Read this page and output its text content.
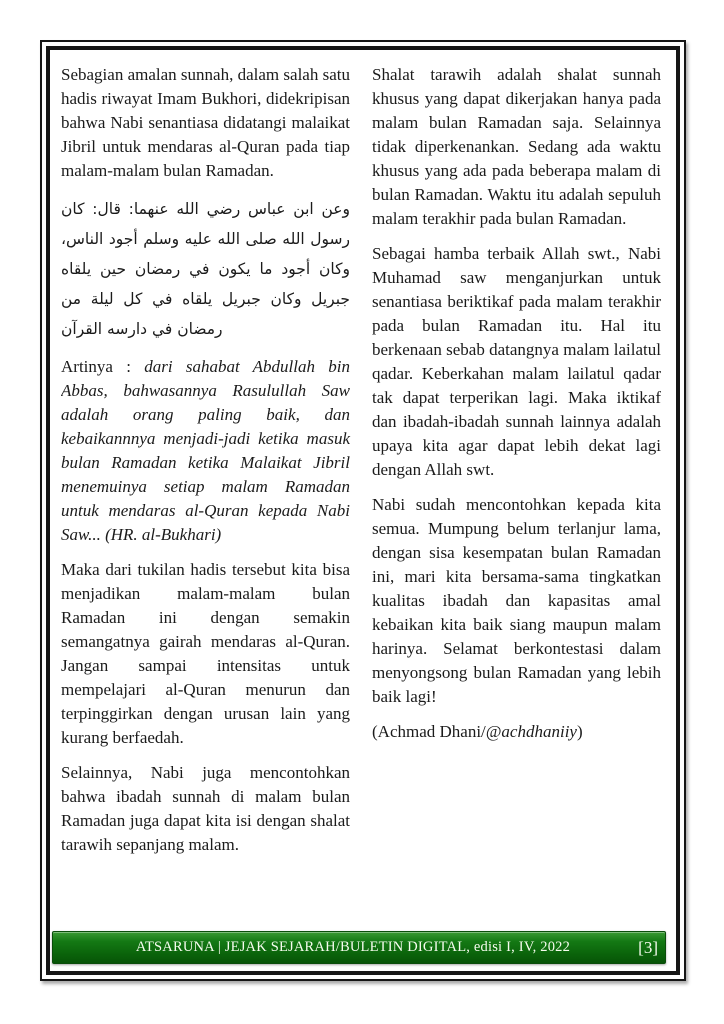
Sebagian amalan sunnah, dalam salah satu hadis riwayat Imam Bukhori, didekripisan bahwa Nabi senantiasa didatangi malaikat Jibril untuk mendaras al-Quran pada tiap malam-malam bulan Ramadan.

وعن ابن عباس رضي الله عنهما: قال: كان رسول الله صلى الله عليه وسلم أجود الناس، وكان أجود ما يكون في رمضان حين يلقاه جبريل وكان جبريل يلقاه في كل ليلة من رمضان في دارسه القرآن

Artinya : dari sahabat Abdullah bin Abbas, bahwasannya Rasulullah Saw adalah orang paling baik, dan kebaikannnya menjadi-jadi ketika masuk bulan Ramadan ketika Malaikat Jibril menemuinya setiap malam Ramadan untuk mendaras al-Quran kepada Nabi Saw... (HR. al-Bukhari)

Maka dari tukilan hadis tersebut kita bisa menjadikan malam-malam bulan Ramadan ini dengan semakin semangatnya gairah mendaras al-Quran. Jangan sampai intensitas untuk mempelajari al-Quran menurun dan terpinggirkan dengan urusan lain yang kurang berfaedah.

Selainnya, Nabi juga mencontohkan bahwa ibadah sunnah di malam bulan Ramadan juga dapat kita isi dengan shalat tarawih sepanjang malam.

Shalat tarawih adalah shalat sunnah khusus yang dapat dikerjakan hanya pada malam bulan Ramadan saja. Selainnya tidak diperkenankan. Sedang ada waktu khusus yang ada pada beberapa malam di bulan Ramadan. Waktu itu adalah sepuluh malam terakhir pada bulan Ramadan.

Sebagai hamba terbaik Allah swt., Nabi Muhamad saw menganjurkan untuk senantiasa beriktikaf pada malam terakhir pada bulan Ramadan itu. Hal itu berkenaan sebab datangnya malam lailatul qadar. Keberkahan malam lailatul qadar tak dapat terperikan lagi. Maka iktikaf dan ibadah-ibadah sunnah lainnya adalah upaya kita agar dapat lebih dekat lagi dengan Allah swt.

Nabi sudah mencontohkan kepada kita semua. Mumpung belum terlanjur lama, dengan sisa kesempatan bulan Ramadan ini, mari kita bersama-sama tingkatkan kualitas ibadah dan kapasitas amal kebaikan kita baik siang maupun malam harinya. Selamat berkontestasi dalam menyongsong bulan Ramadan yang lebih baik lagi!

(Achmad Dhani/@achdhaniiy)

ATSARUNA | JEJAK SEJARAH/BULETIN DIGITAL, edisi I, IV, 2022	[3]
